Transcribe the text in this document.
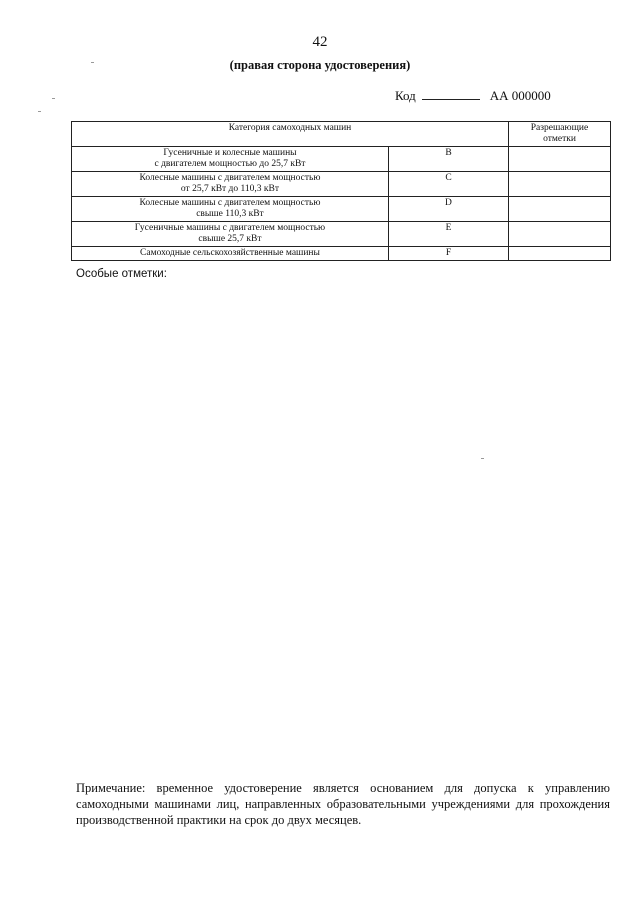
42
(правая сторона удостоверения)
Код	АА 000000
Категория самоходных машин		Разрешающие
отметки
Гусеничные и колесные машины
с двигателем мощностью до 25,7 кВт	B	
Колесные машины с двигателем мощностью
от 25,7 кВт до 110,3 кВт	C	
Колесные машины с двигателем мощностью
свыше 110,3 кВт	D	
Гусеничные машины с двигателем мощностью
свыше 25,7 кВт	E	
Самоходные сельскохозяйственные машины	F	
Особые отметки:
Примечание: временное удостоверение является основанием для допуска к управлению самоходными машинами лиц, направленных образовательными учреждениями для прохождения производственной практики на срок до двух месяцев.
